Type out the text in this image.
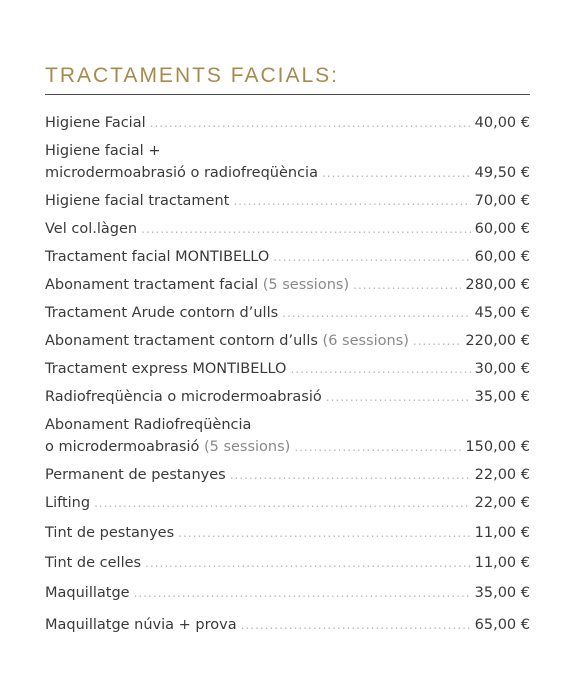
TRACTAMENTS FACIALS:
Higiene Facial .....	40,00 €
Higiene facial +
microdermoabrasió o radiofreqüència .....	49,50 €
Higiene facial tractament .....	70,00 €
Vel col.làgen .....	60,00 €
Tractament facial MONTIBELLO .....	60,00 €
Abonament tractament facial (5 sessions) .....	280,00 €
Tractament Arude contorn d’ulls .....	45,00 €
Abonament tractament contorn d’ulls (6 sessions) .....	220,00 €
Tractament express MONTIBELLO .....	30,00 €
Radiofreqüència o microdermoabrasió .....	35,00 €
Abonament Radiofreqüència
o microdermoabrasió (5 sessions) .....	150,00 €
Permanent de pestanyes .....	22,00 €
Lifting .....	22,00 €
Tint de pestanyes .....	11,00 €
Tint de celles .....	11,00 €
Maquillatge .....	35,00 €
Maquillatge núvia + prova .....	65,00 €
